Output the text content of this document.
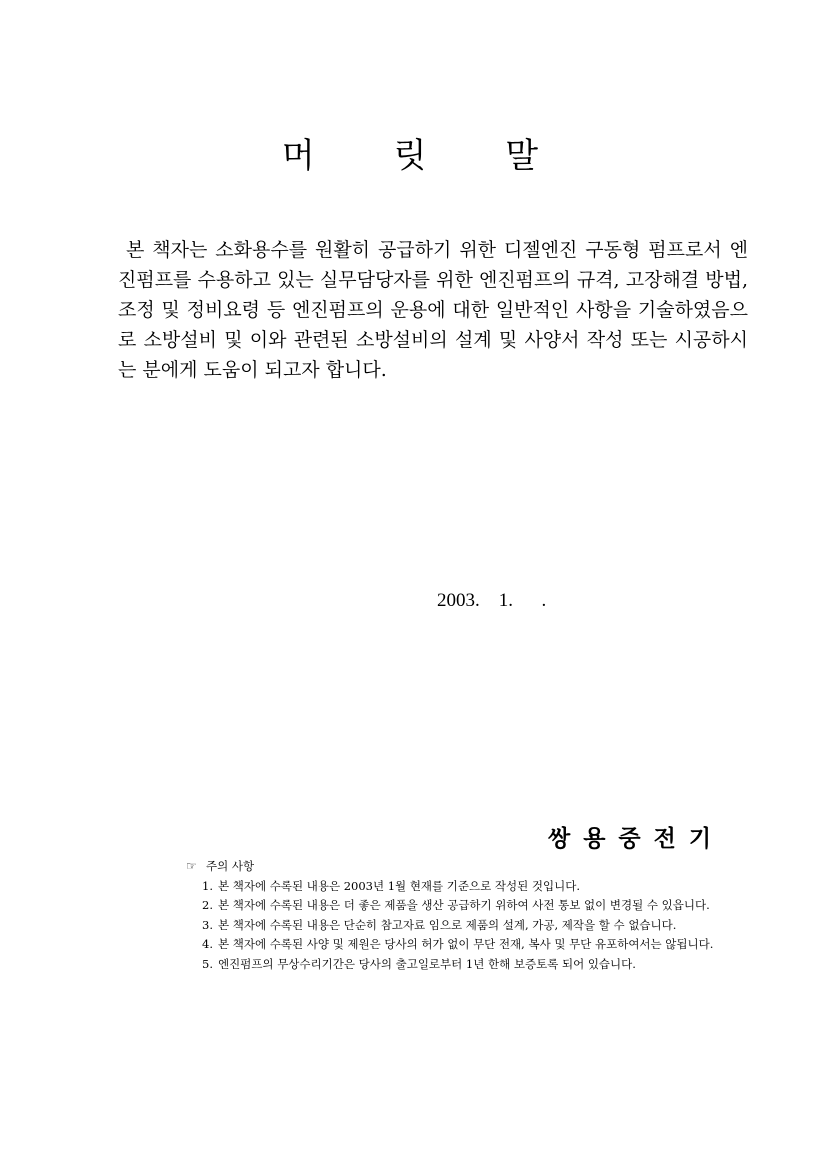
머 릿 말

본 책자는 소화용수를 원활히 공급하기 위한 디젤엔진 구동형 펌프로서 엔진펌프를 수용하고 있는 실무담당자를 위한 엔진펌프의 규격, 고장해결 방법, 조정 및 정비요령 등 엔진펌프의 운용에 대한 일반적인 사항을 기술하였음으로 소방설비 및 이와 관련된 소방설비의 설계 및 사양서 작성 또는 시공하시는 분에게 도움이 되고자 합니다.

2003.    1.      .
쌍용중전기
☞ 주의 사항
1. 본 책자에 수록된 내용은 2003년 1월 현재를 기준으로 작성된 것입니다.
2. 본 책자에 수록된 내용은 더 좋은 제품을 생산 공급하기 위하여 사전 통보 없이 변경될 수 있읍니다.
3. 본 책자에 수록된 내용은 단순히 참고자료 임으로 제품의 설계, 가공, 제작을 할 수 없습니다.
4. 본 책자에 수록된 사양 및 제원은 당사의 허가 없이 무단 전재, 복사 및 무단 유포하여서는 않됩니다.
5. 엔진펌프의 무상수리기간은 당사의 출고일로부터 1년 한해 보증토록 되어 있습니다.
